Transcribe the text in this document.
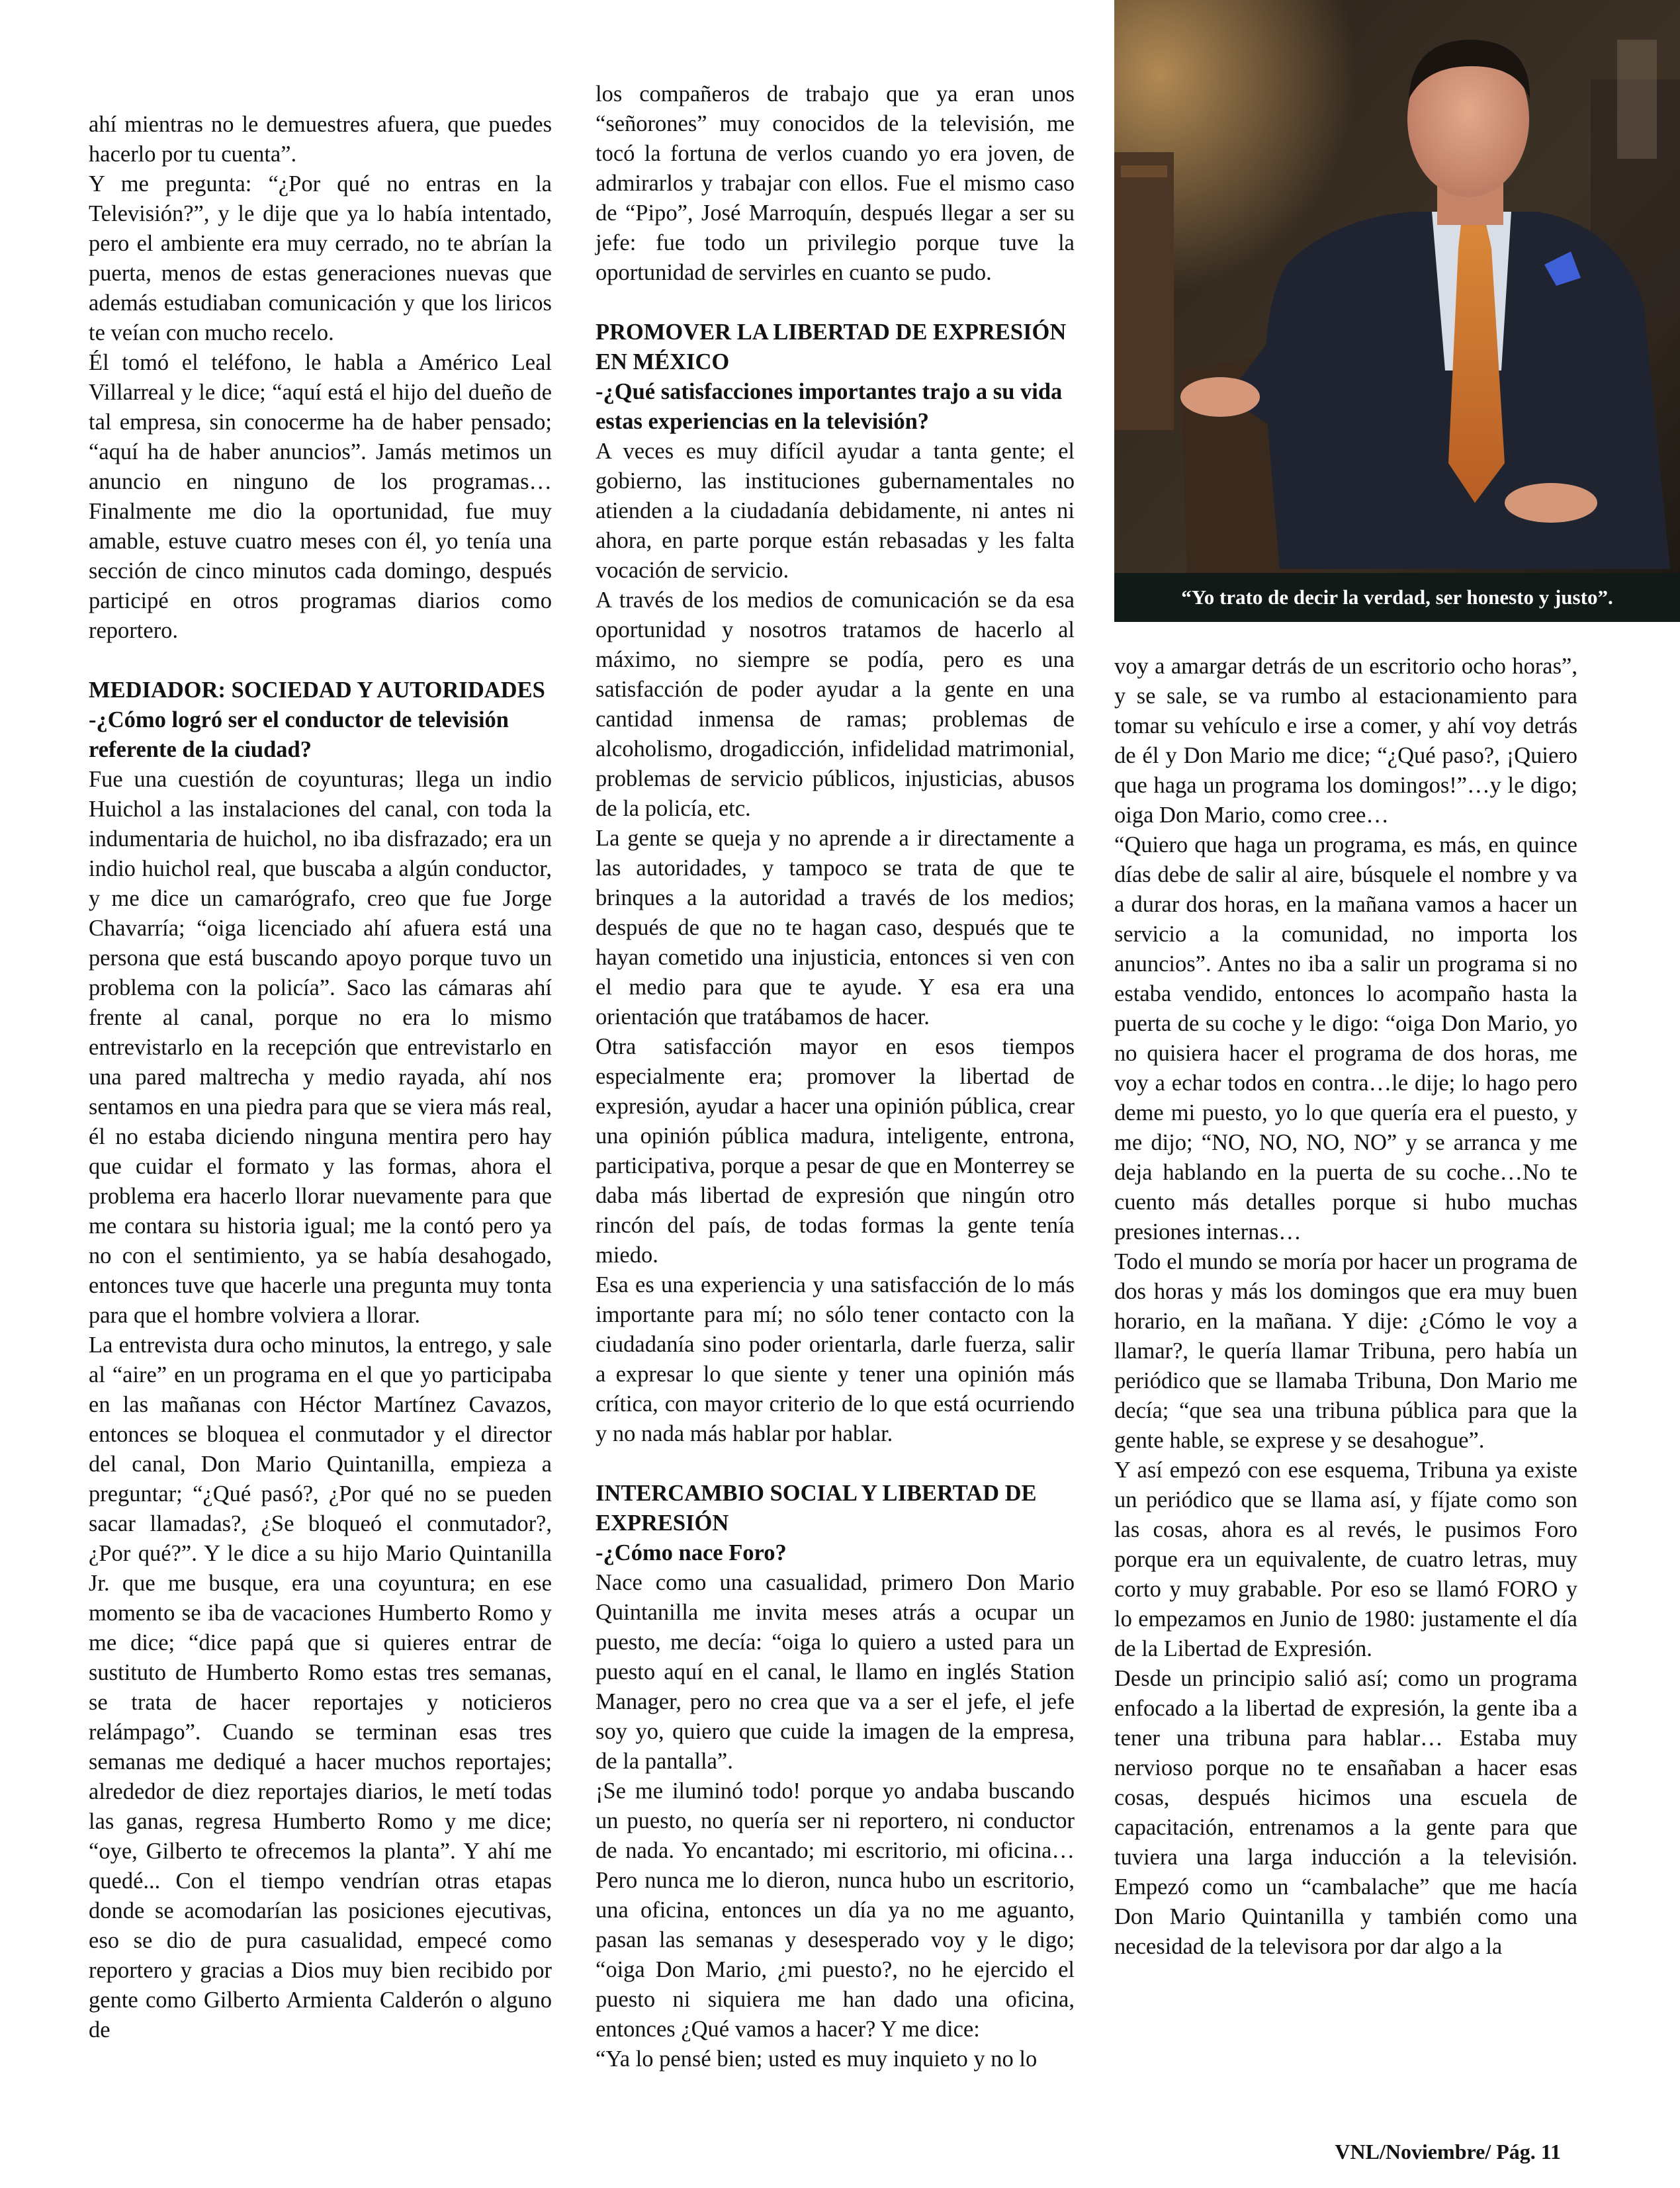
ahí mientras no le demuestres afuera, que puedes hacerlo por tu cuenta”.

Y me pregunta: “¿Por qué no entras en la Televisión?”, y le dije que ya lo había intentado, pero el ambiente era muy cerrado, no te abrían la puerta, menos de estas generaciones nuevas que además estudiaban comunicación y que los liricos te veían con mucho recelo.

Él tomó el teléfono, le habla a Américo Leal Villarreal y le dice; “aquí está el hijo del dueño de tal empresa, sin conocerme ha de haber pensado; “aquí ha de haber anuncios”. Jamás metimos un anuncio en ninguno de los programas…Finalmente me dio la oportunidad, fue muy amable, estuve cuatro meses con él, yo tenía una sección de cinco minutos cada domingo, después participé en otros programas diarios como reportero.

MEDIADOR: SOCIEDAD Y AUTORIDADES

-¿Cómo logró ser el conductor de televisión referente de la ciudad?

Fue una cuestión de coyunturas; llega un indio Huichol a las instalaciones del canal, con toda la indumentaria de huichol, no iba disfrazado; era un indio huichol real, que buscaba a algún conductor, y me dice un camarógrafo, creo que fue Jorge Chavarría; “oiga licenciado ahí afuera está una persona que está buscando apoyo porque tuvo un problema con la policía”. Saco las cámaras ahí frente al canal, porque no era lo mismo entrevistarlo en la recepción que entrevistarlo en una pared maltrecha y medio rayada, ahí nos sentamos en una piedra para que se viera más real, él no estaba diciendo ninguna mentira pero hay que cuidar el formato y las formas, ahora el problema era hacerlo llorar nuevamente para que me contara su historia igual; me la contó pero ya no con el sentimiento, ya se había desahogado, entonces tuve que hacerle una pregunta muy tonta para que el hombre volviera a llorar.

La entrevista dura ocho minutos, la entrego, y sale al “aire” en un programa en el que yo participaba en las mañanas con Héctor Martínez Cavazos, entonces se bloquea el conmutador y el director del canal, Don Mario Quintanilla, empieza a preguntar; “¿Qué pasó?, ¿Por qué no se pueden sacar llamadas?, ¿Se bloqueó el conmutador?, ¿Por qué?”. Y le dice a su hijo Mario Quintanilla Jr. que me busque, era una coyuntura; en ese momento se iba de vacaciones Humberto Romo y me dice; “dice papá que si quieres entrar de sustituto de Humberto Romo estas tres semanas, se trata de hacer reportajes y noticieros relámpago”. Cuando se terminan esas tres semanas me dediqué a hacer muchos reportajes; alrededor de diez reportajes diarios, le metí todas las ganas, regresa Humberto Romo y me dice; “oye, Gilberto te ofrecemos la planta”. Y ahí me quedé... Con el tiempo vendrían otras etapas donde se acomodarían las posiciones ejecutivas, eso se dio de pura casualidad, empecé como reportero y gracias a Dios muy bien recibido por gente como Gilberto Armienta Calderón o alguno de

los compañeros de trabajo que ya eran unos “señorones” muy conocidos de la televisión, me tocó la fortuna de verlos cuando yo era joven, de admirarlos y trabajar con ellos. Fue el mismo caso de “Pipo”, José Marroquín, después llegar a ser su jefe: fue todo un privilegio porque tuve la oportunidad de servirles en cuanto se pudo.

PROMOVER LA LIBERTAD DE EXPRESIÓN EN MÉXICO

-¿Qué satisfacciones importantes trajo a su vida estas experiencias en la televisión?

A veces es muy difícil ayudar a tanta gente; el gobierno, las instituciones gubernamentales no atienden a la ciudadanía debidamente, ni antes ni ahora, en parte porque están rebasadas y les falta vocación de servicio.

A través de los medios de comunicación se da esa oportunidad y nosotros tratamos de hacerlo al máximo, no siempre se podía, pero es una satisfacción de poder ayudar a la gente en una cantidad inmensa de ramas; problemas de alcoholismo, drogadicción, infidelidad matrimonial, problemas de servicio públicos, injusticias, abusos de la policía, etc.

La gente se queja y no aprende a ir directamente a las autoridades, y tampoco se trata de que te brinques a la autoridad a través de los medios; después de que no te hagan caso, después que te hayan cometido una injusticia, entonces si ven con el medio para que te ayude. Y esa era una orientación que tratábamos de hacer.

Otra satisfacción mayor en esos tiempos especialmente era; promover la libertad de expresión, ayudar a hacer una opinión pública, crear una opinión pública madura, inteligente, entrona, participativa, porque a pesar de que en Monterrey se daba más libertad de expresión que ningún otro rincón del país, de todas formas la gente tenía miedo.

Esa es una experiencia y una satisfacción de lo más importante para mí; no sólo tener contacto con la ciudadanía sino poder orientarla, darle fuerza, salir a expresar lo que siente y tener una opinión más crítica, con mayor criterio de lo que está ocurriendo y no nada más hablar por hablar.

INTERCAMBIO SOCIAL Y LIBERTAD DE EXPRESIÓN

-¿Cómo nace Foro?

Nace como una casualidad, primero Don Mario Quintanilla me invita meses atrás a ocupar un puesto, me decía: “oiga lo quiero a usted para un puesto aquí en el canal, le llamo en inglés Station Manager, pero no crea que va a ser el jefe, el jefe soy yo, quiero que cuide la imagen de la empresa, de la pantalla”.

¡Se me iluminó todo! porque yo andaba buscando un puesto, no quería ser ni reportero, ni conductor de nada. Yo encantado; mi escritorio, mi oficina…Pero nunca me lo dieron, nunca hubo un escritorio, una oficina, entonces un día ya no me aguanto, pasan las semanas y desesperado voy y le digo; “oiga Don Mario, ¿mi puesto?, no he ejercido el puesto ni siquiera me han dado una oficina, entonces ¿Qué vamos a hacer? Y me dice:

“Ya lo pensé bien; usted es muy inquieto y no lo

“Yo trato de decir la verdad, ser honesto y justo”.

voy a amargar detrás de un escritorio ocho horas”, y se sale, se va rumbo al estacionamiento para tomar su vehículo e irse a comer, y ahí voy detrás de él y Don Mario me dice; “¿Qué paso?, ¡Quiero que haga un programa los domingos!”…y le digo; oiga Don Mario, como cree…

“Quiero que haga un programa, es más, en quince días debe de salir al aire, búsquele el nombre y va a durar dos horas, en la mañana vamos a hacer un servicio a la comunidad, no importa los anuncios”. Antes no iba a salir un programa si no estaba vendido, entonces lo acompaño hasta la puerta de su coche y le digo: “oiga Don Mario, yo no quisiera hacer el programa de dos horas, me voy a echar todos en contra…le dije; lo hago pero deme mi puesto, yo lo que quería era el puesto, y me dijo; “NO, NO, NO, NO” y se arranca y me deja hablando en la puerta de su coche…No te cuento más detalles porque si hubo muchas presiones internas…

Todo el mundo se moría por hacer un programa de dos horas y más los domingos que era muy buen horario, en la mañana. Y dije: ¿Cómo le voy a llamar?, le quería llamar Tribuna, pero había un periódico que se llamaba Tribuna, Don Mario me decía; “que sea una tribuna pública para que la gente hable, se exprese y se desahogue”.

Y así empezó con ese esquema, Tribuna ya existe un periódico que se llama así, y fíjate como son las cosas, ahora es al revés, le pusimos Foro porque era un equivalente, de cuatro letras, muy corto y muy grabable. Por eso se llamó FORO y lo empezamos en Junio de 1980: justamente el día de la Libertad de Expresión.

Desde un principio salió así; como un programa enfocado a la libertad de expresión, la gente iba a tener una tribuna para hablar… Estaba muy nervioso porque no te ensañaban a hacer esas cosas, después hicimos una escuela de capacitación, entrenamos a la gente para que tuviera una larga inducción a la televisión. Empezó como un “cambalache” que me hacía Don Mario Quintanilla y también como una necesidad de la televisora por dar algo a la

VNL/Noviembre/ Pág. 11
